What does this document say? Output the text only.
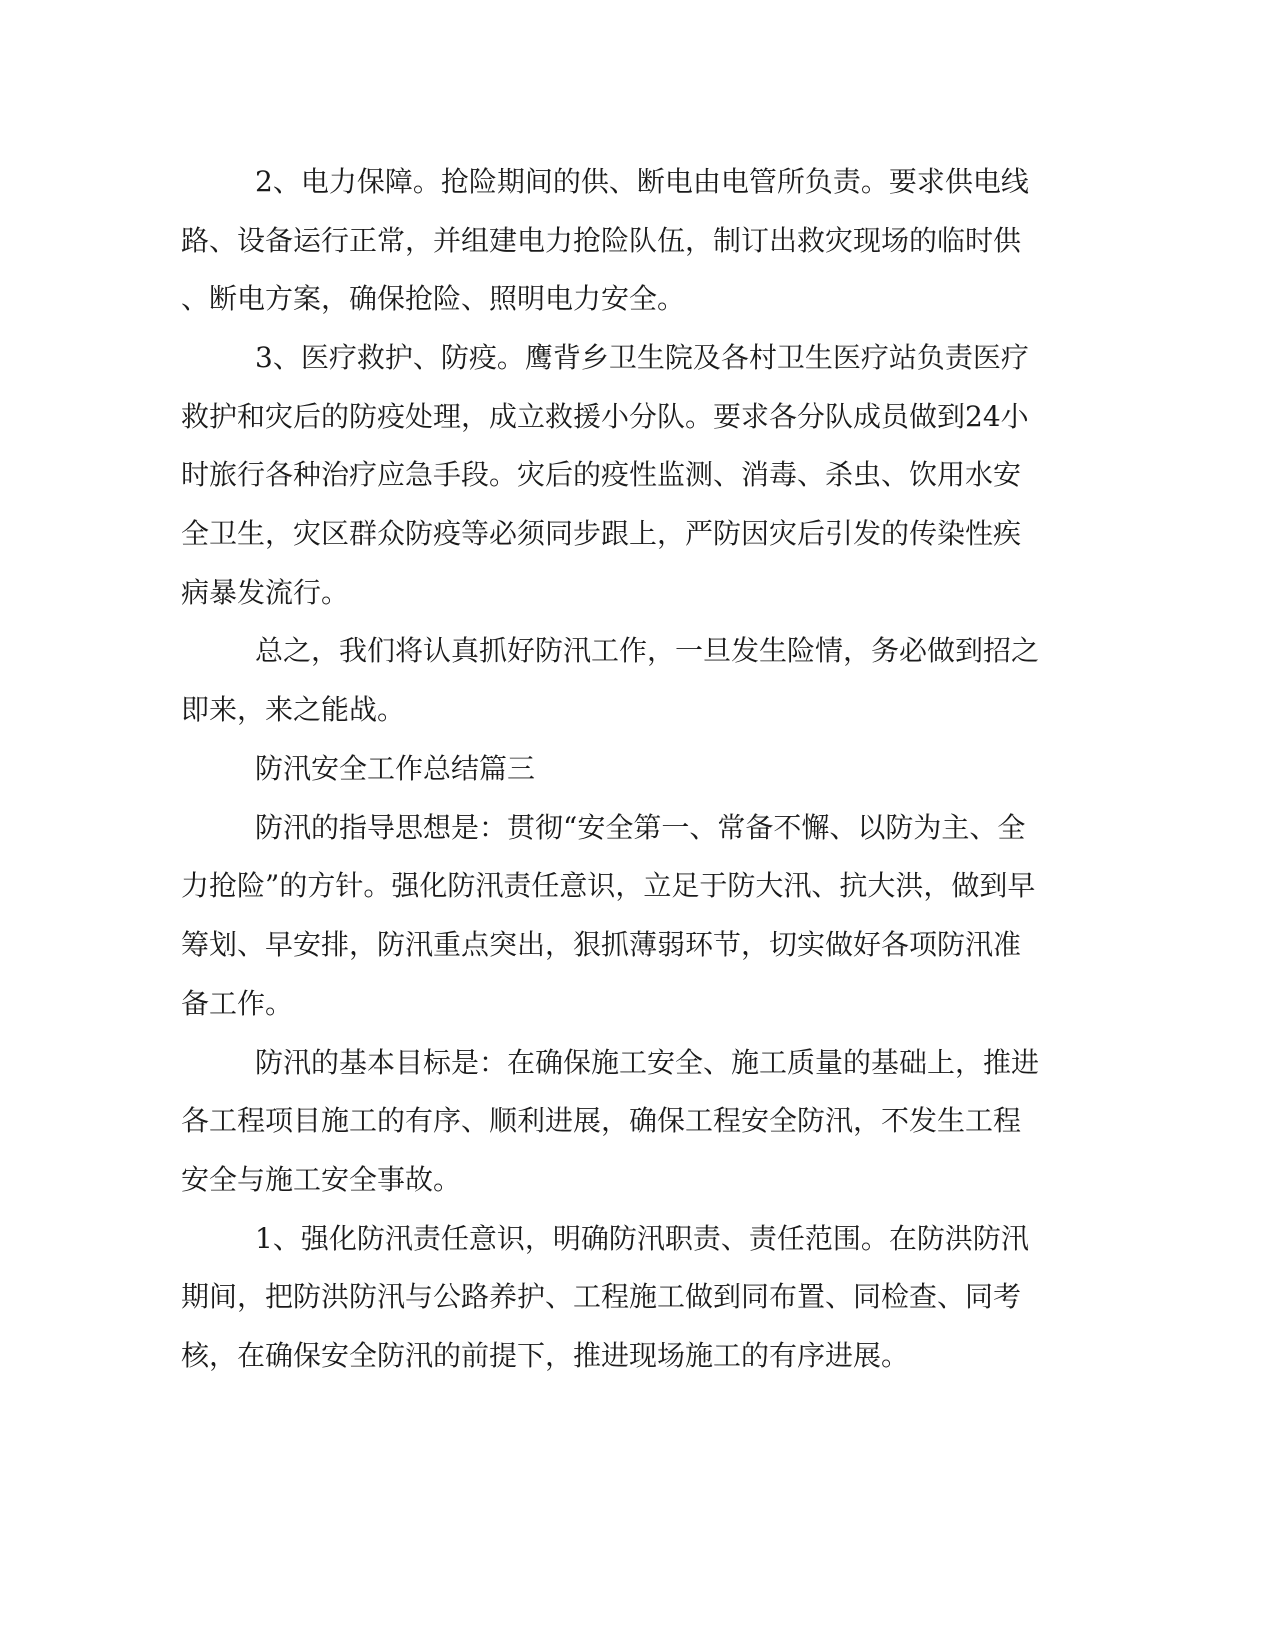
2、电力保障。抢险期间的供、断电由电管所负责。要求供电线
路、设备运行正常，并组建电力抢险队伍，制订出救灾现场的临时供
、断电方案，确保抢险、照明电力安全。
3、医疗救护、防疫。鹰背乡卫生院及各村卫生医疗站负责医疗
救护和灾后的防疫处理，成立救援小分队。要求各分队成员做到24小
时旅行各种治疗应急手段。灾后的疫性监测、消毒、杀虫、饮用水安
全卫生，灾区群众防疫等必须同步跟上，严防因灾后引发的传染性疾
病暴发流行。
总之，我们将认真抓好防汛工作，一旦发生险情，务必做到招之
即来，来之能战。
防汛安全工作总结篇三
防汛的指导思想是：贯彻“安全第一、常备不懈、以防为主、全
力抢险”的方针。强化防汛责任意识，立足于防大汛、抗大洪，做到早
筹划、早安排，防汛重点突出，狠抓薄弱环节，切实做好各项防汛准
备工作。
防汛的基本目标是：在确保施工安全、施工质量的基础上，推进
各工程项目施工的有序、顺利进展，确保工程安全防汛，不发生工程
安全与施工安全事故。
1、强化防汛责任意识，明确防汛职责、责任范围。在防洪防汛
期间，把防洪防汛与公路养护、工程施工做到同布置、同检查、同考
核，在确保安全防汛的前提下，推进现场施工的有序进展。
